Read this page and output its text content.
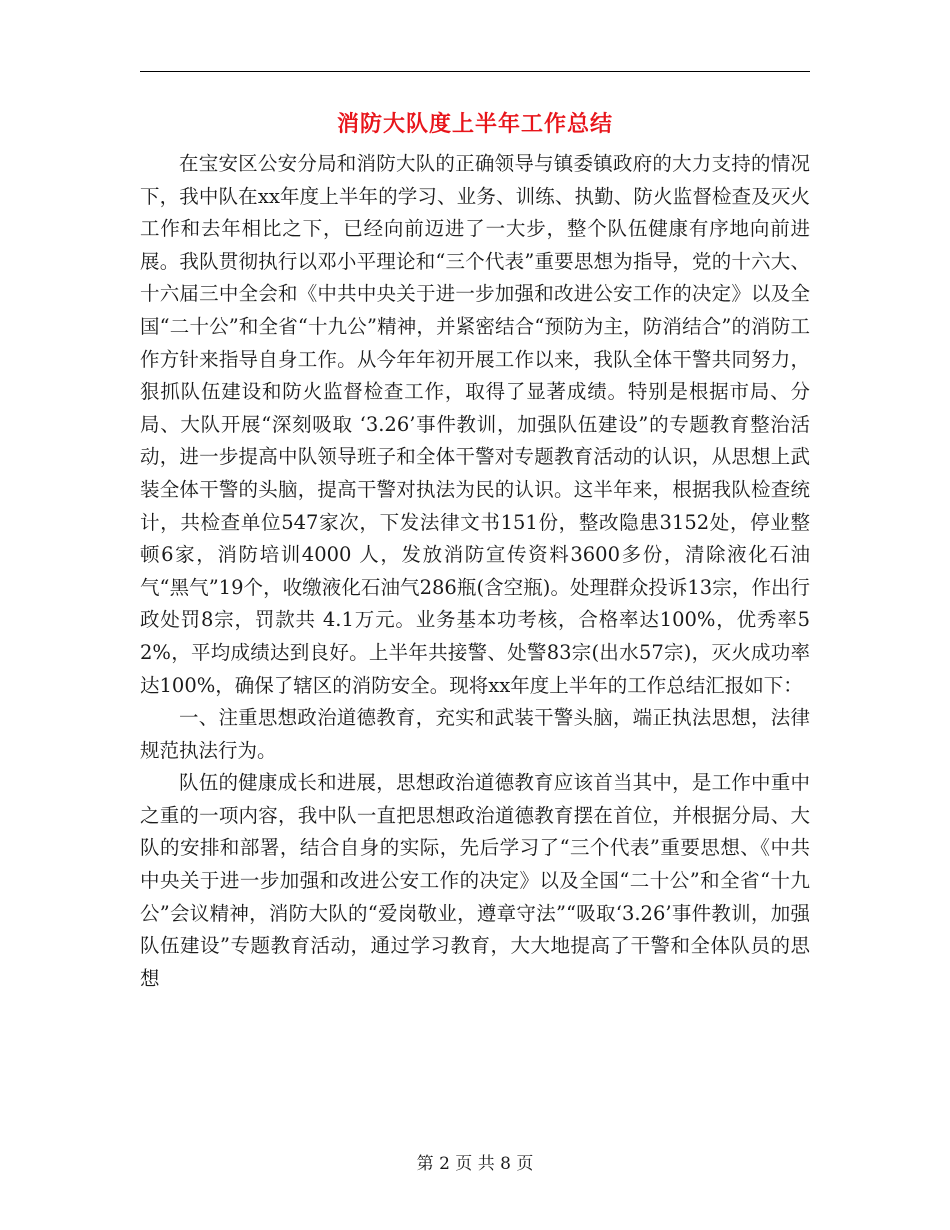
消防大队度上半年工作总结

在宝安区公安分局和消防大队的正确领导与镇委镇政府的大力支持的情况下，我中队在xx年度上半年的学习、业务、训练、执勤、防火监督检查及灭火工作和去年相比之下，已经向前迈进了一大步，整个队伍健康有序地向前进展。我队贯彻执行以邓小平理论和“三个代表”重要思想为指导，党的十六大、十六届三中全会和《中共中央关于进一步加强和改进公安工作的决定》以及全国“二十公”和全省“十九公”精神，并紧密结合“预防为主，防消结合”的消防工作方针来指导自身工作。从今年年初开展工作以来，我队全体干警共同努力，狠抓队伍建设和防火监督检查工作，取得了显著成绩。特别是根据市局、分局、大队开展“深刻吸取 ‘3.26’事件教训，加强队伍建设”的专题教育整治活动，进一步提高中队领导班子和全体干警对专题教育活动的认识，从思想上武装全体干警的头脑，提高干警对执法为民的认识。这半年来，根据我队检查统计，共检查单位547家次，下发法律文书151份，整改隐患3152处，停业整顿6家，消防培训4000 人，发放消防宣传资料3600多份，清除液化石油气“黑气”19个，收缴液化石油气286瓶(含空瓶)。处理群众投诉13宗，作出行政处罚8宗，罚款共 4.1万元。业务基本功考核，合格率达100%，优秀率52%，平均成绩达到良好。上半年共接警、处警83宗(出水57宗)，灭火成功率达100%，确保了辖区的消防安全。现将xx年度上半年的工作总结汇报如下：

一、注重思想政治道德教育，充实和武装干警头脑，端正执法思想，法律规范执法行为。

队伍的健康成长和进展，思想政治道德教育应该首当其中，是工作中重中之重的一项内容，我中队一直把思想政治道德教育摆在首位，并根据分局、大队的安排和部署，结合自身的实际，先后学习了“三个代表”重要思想、《中共中央关于进一步加强和改进公安工作的决定》以及全国“二十公”和全省“十九公”会议精神，消防大队的“爱岗敬业，遵章守法”“吸取‘3.26’事件教训，加强队伍建设”专题教育活动，通过学习教育，大大地提高了干警和全体队员的思想

第 2 页 共 8 页
